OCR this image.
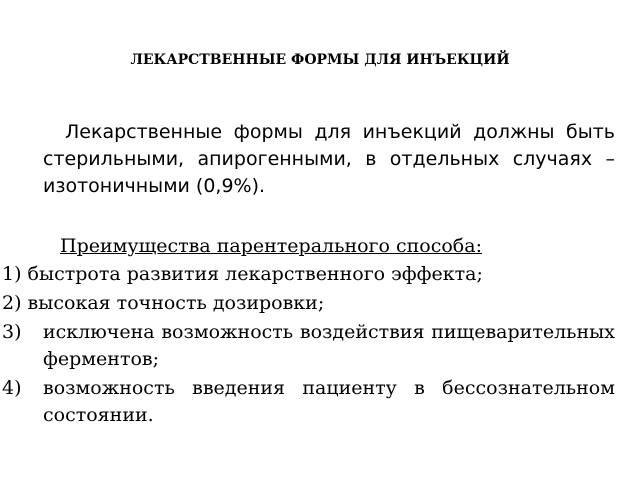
ЛЕКАРСТВЕННЫЕ ФОРМЫ ДЛЯ ИНЪЕКЦИЙ

Лекарственные формы для инъекций должны быть стерильными, апирогенными, в отдельных случаях – изотоничными (0,9%).

Преимущества парентерального способа:

1) быстрота развития лекарственного эффекта;
2) высокая точность дозировки;
3)	исключена возможность воздействия пищеварительных ферментов;
4)	возможность введения пациенту в бессознательном состоянии.
